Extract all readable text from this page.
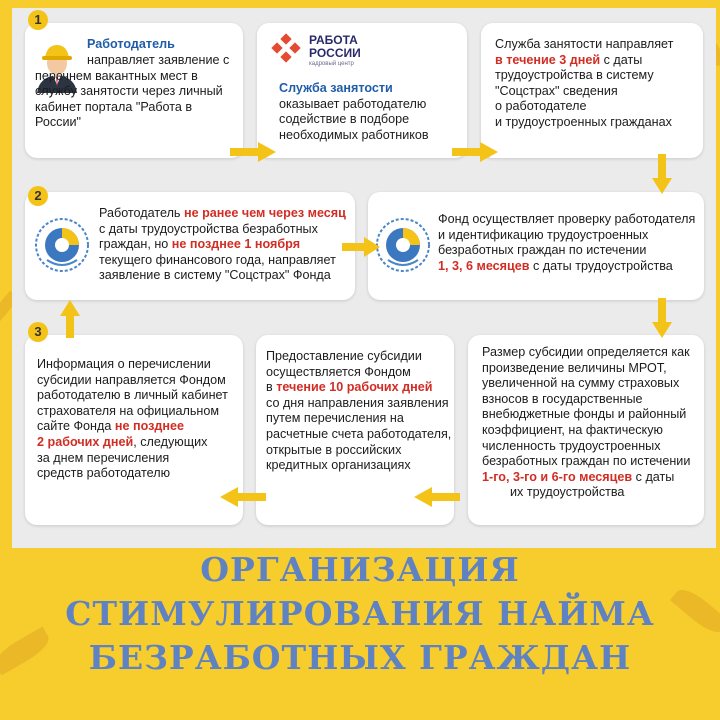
Работодатель
направляет заявление с перечнем вакантных мест в службу занятости через личный кабинет портала "Работа в России"
РАБОТА
РОССИИ
кадровый центр
Служба занятости
оказывает работодателю содействие в подборе необходимых работников
Служба занятости направляет
в течение 3 дней с даты
трудоустройства в систему
"Соцстрах" сведения
о работодателе
и трудоустроенных гражданах
Работодатель не ранее чем через месяц
с даты трудоустройства безработных
граждан, но не позднее 1 ноября
текущего финансового года, направляет
заявление в систему "Соцстрах" Фонда
Фонд осуществляет проверку работодателя
и идентификацию трудоустроенных
безработных граждан по истечении
1, 3, 6 месяцев с даты трудоустройства
Размер субсидии определяется как
произведение величины МРОТ,
увеличенной на сумму страховых
взносов в государственные
внебюджетные фонды и районный
коэффициент, на фактическую
численность трудоустроенных
безработных граждан по истечении
1-го, 3-го и 6-го месяцев с даты
их трудоустройства
Предоставление субсидии
осуществляется Фондом
в течение 10 рабочих дней
со дня направления заявления
путем перечисления на
расчетные счета работодателя,
открытые в российских
кредитных организациях
Информация о перечислении
субсидии направляется Фондом
работодателю в личный кабинет
страхователя на официальном
сайте Фонда не позднее
2 рабочих дней, следующих
за днем перечисления
средств работодателю
1
2
3
ОРГАНИЗАЦИЯ
СТИМУЛИРОВАНИЯ НАЙМА
БЕЗРАБОТНЫХ ГРАЖДАН
